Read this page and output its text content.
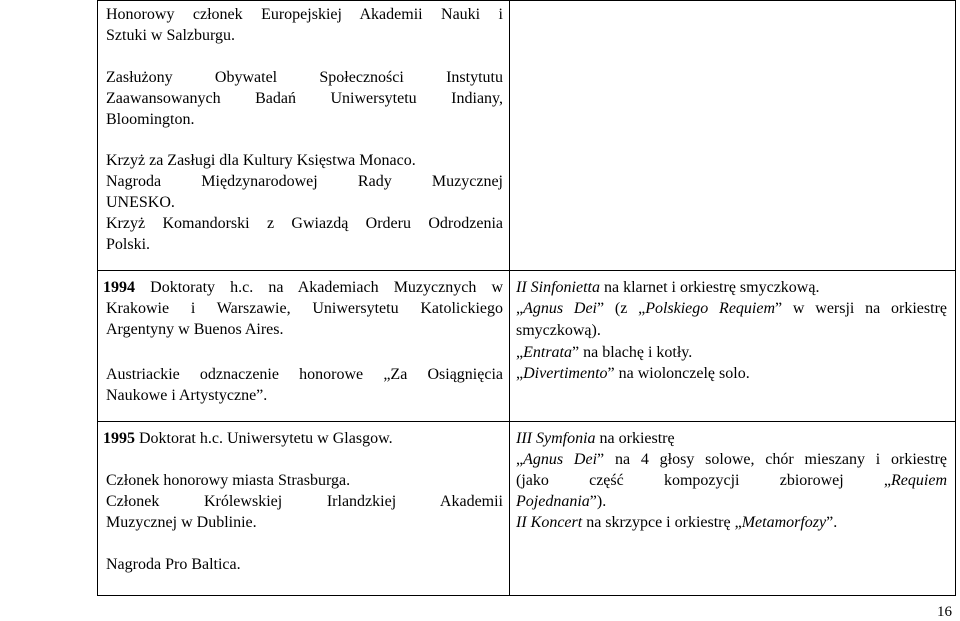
Honorowy członek Europejskiej Akademii Nauki i
Sztuki w Salzburgu.
Zasłużony Obywatel Społeczności Instytutu
Zaawansowanych Badań Uniwersytetu Indiany,
Bloomington.
Krzyż za Zasługi dla Kultury Księstwa Monaco.
Nagroda Międzynarodowej Rady Muzycznej
UNESKO.
Krzyż Komandorski z Gwiazdą Orderu Odrodzenia
Polski.
1994 Doktoraty h.c. na Akademiach Muzycznych w
Krakowie i Warszawie, Uniwersytetu Katolickiego
Argentyny w Buenos Aires.
Austriackie odznaczenie honorowe „Za Osiągnięcia
Naukowe i Artystyczne”.
II Sinfonietta na klarnet i orkiestrę smyczkową.
„Agnus Dei” (z „Polskiego Requiem” w wersji na orkiestrę
smyczkową).
„Entrata” na blachę i kotły.
„Divertimento” na wiolonczelę solo.
1995 Doktorat h.c. Uniwersytetu w Glasgow.
Członek honorowy miasta Strasburga.
Członek Królewskiej Irlandzkiej Akademii
Muzycznej w Dublinie.
Nagroda Pro Baltica.
III Symfonia na orkiestrę
„Agnus Dei” na 4 głosy solowe, chór mieszany i orkiestrę
(jako część kompozycji zbiorowej „Requiem
Pojednania”).
II Koncert na skrzypce i orkiestrę „Metamorfozy”.
16
